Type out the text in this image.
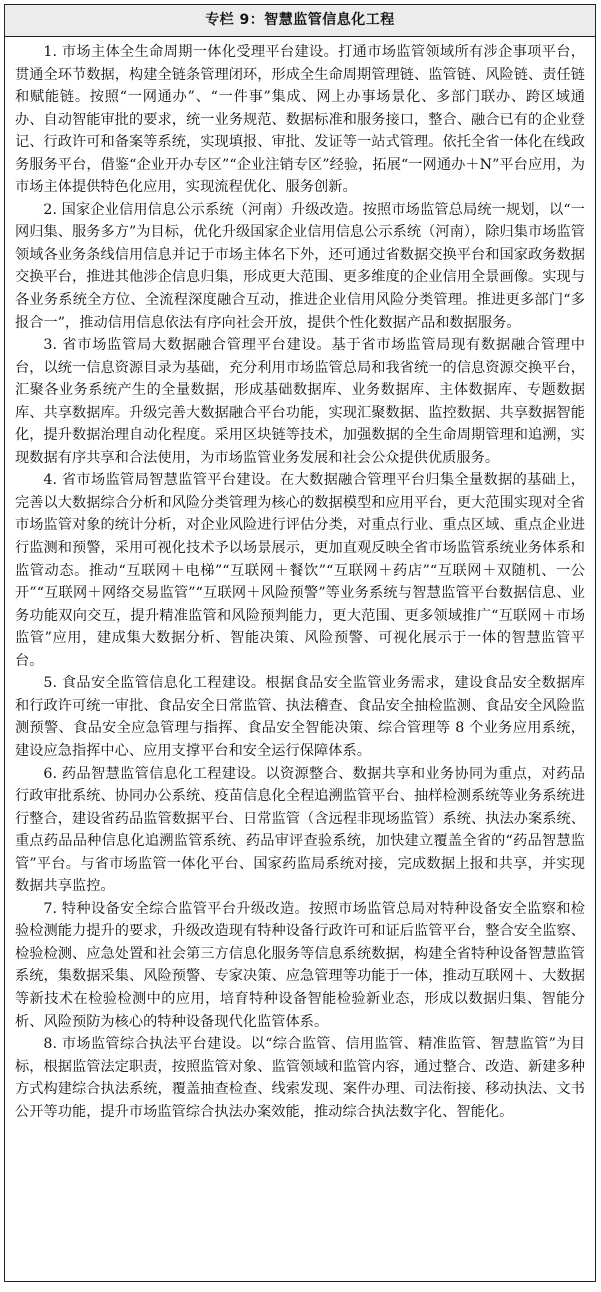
专栏 9：智慧监管信息化工程

1. 市场主体全生命周期一体化受理平台建设。打通市场监管领域所有涉企事项平台，贯通全环节数据，构建全链条管理闭环，形成全生命周期管理链、监管链、风险链、责任链和赋能链。按照“一网通办”、“一件事”集成、网上办事场景化、多部门联办、跨区域通办、自动智能审批的要求，统一业务规范、数据标准和服务接口，整合、融合已有的企业登记、行政许可和备案等系统，实现填报、审批、发证等一站式管理。依托全省一体化在线政务服务平台，借鉴“企业开办专区”“企业注销专区”经验，拓展“一网通办＋N”平台应用，为市场主体提供特色化应用，实现流程优化、服务创新。

2. 国家企业信用信息公示系统（河南）升级改造。按照市场监管总局统一规划，以“一网归集、服务多方”为目标，优化升级国家企业信用信息公示系统（河南），除归集市场监管领域各业务条线信用信息并记于市场主体名下外，还可通过省数据交换平台和国家政务数据交换平台，推进其他涉企信息归集，形成更大范围、更多维度的企业信用全景画像。实现与各业务系统全方位、全流程深度融合互动，推进企业信用风险分类管理。推进更多部门“多报合一”，推动信用信息依法有序向社会开放，提供个性化数据产品和数据服务。

3. 省市场监管局大数据融合管理平台建设。基于省市场监管局现有数据融合管理中台，以统一信息资源目录为基础，充分利用市场监管总局和我省统一的信息资源交换平台，汇聚各业务系统产生的全量数据，形成基础数据库、业务数据库、主体数据库、专题数据库、共享数据库。升级完善大数据融合平台功能，实现汇聚数据、监控数据、共享数据智能化，提升数据治理自动化程度。采用区块链等技术，加强数据的全生命周期管理和追溯，实现数据有序共享和合法使用，为市场监管业务发展和社会公众提供优质服务。

4. 省市场监管局智慧监管平台建设。在大数据融合管理平台归集全量数据的基础上，完善以大数据综合分析和风险分类管理为核心的数据模型和应用平台，更大范围实现对全省市场监管对象的统计分析，对企业风险进行评估分类，对重点行业、重点区域、重点企业进行监测和预警，采用可视化技术予以场景展示，更加直观反映全省市场监管系统业务体系和监管动态。推动“互联网＋电梯”“互联网＋餐饮”“互联网＋药店”“互联网＋双随机、一公开”“互联网＋网络交易监管”“互联网＋风险预警”等业务系统与智慧监管平台数据信息、业务功能双向交互，提升精准监管和风险预判能力，更大范围、更多领域推广“互联网＋市场监管”应用，建成集大数据分析、智能决策、风险预警、可视化展示于一体的智慧监管平台。

5. 食品安全监管信息化工程建设。根据食品安全监管业务需求，建设食品安全数据库和行政许可统一审批、食品安全日常监管、执法稽查、食品安全抽检监测、食品安全风险监测预警、食品安全应急管理与指挥、食品安全智能决策、综合管理等 8 个业务应用系统，建设应急指挥中心、应用支撑平台和安全运行保障体系。

6. 药品智慧监管信息化工程建设。以资源整合、数据共享和业务协同为重点，对药品行政审批系统、协同办公系统、疫苗信息化全程追溯监管平台、抽样检测系统等业务系统进行整合，建设省药品监管数据平台、日常监管（含远程非现场监管）系统、执法办案系统、重点药品品种信息化追溯监管系统、药品审评查验系统，加快建立覆盖全省的“药品智慧监管”平台。与省市场监管一体化平台、国家药监局系统对接，完成数据上报和共享，并实现数据共享监控。

7. 特种设备安全综合监管平台升级改造。按照市场监管总局对特种设备安全监察和检验检测能力提升的要求，升级改造现有特种设备行政许可和证后监管平台，整合安全监察、检验检测、应急处置和社会第三方信息化服务等信息系统数据，构建全省特种设备智慧监管系统，集数据采集、风险预警、专家决策、应急管理等功能于一体，推动互联网＋、大数据等新技术在检验检测中的应用，培育特种设备智能检验新业态，形成以数据归集、智能分析、风险预防为核心的特种设备现代化监管体系。

8. 市场监管综合执法平台建设。以“综合监管、信用监管、精准监管、智慧监管”为目标，根据监管法定职责，按照监管对象、监管领域和监管内容，通过整合、改造、新建多种方式构建综合执法系统，覆盖抽查检查、线索发现、案件办理、司法衔接、移动执法、文书公开等功能，提升市场监管综合执法办案效能，推动综合执法数字化、智能化。
